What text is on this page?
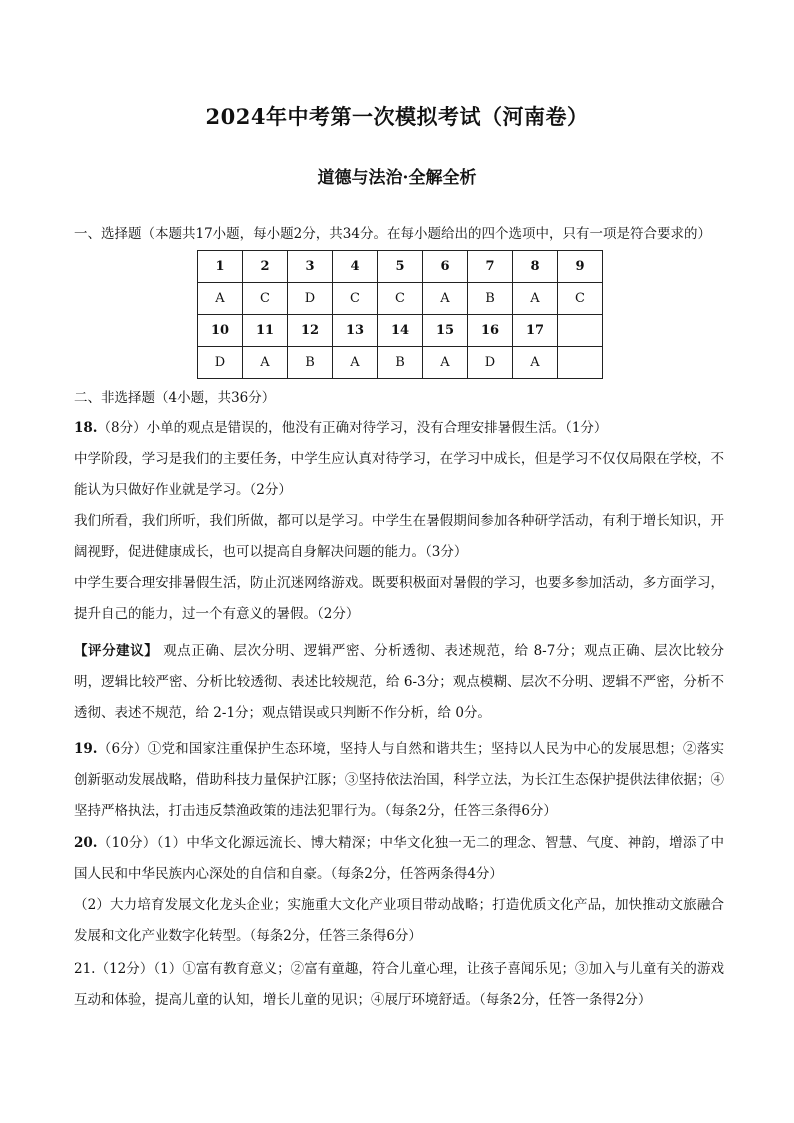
2024年中考第一次模拟考试（河南卷）
道德与法治·全解全析
一、选择题（本题共17小题，每小题2分，共34分。在每小题给出的四个选项中，只有一项是符合要求的）
1	2	3	4	5	6	7	8	9
A	C	D	C	C	A	B	A	C
10	11	12	13	14	15	16	17	
D	A	B	A	B	A	D	A	
二、非选择题（4小题，共36分）
18.（8分）小单的观点是错误的，他没有正确对待学习，没有合理安排暑假生活。（1分）
中学阶段，学习是我们的主要任务，中学生应认真对待学习，在学习中成长，但是学习不仅仅局限在学校，不能认为只做好作业就是学习。（2分）
我们所看，我们所听，我们所做，都可以是学习。中学生在暑假期间参加各种研学活动，有利于增长知识，开阔视野，促进健康成长，也可以提高自身解决问题的能力。（3分）
中学生要合理安排暑假生活，防止沉迷网络游戏。既要积极面对暑假的学习，也要多参加活动，多方面学习，提升自己的能力，过一个有意义的暑假。（2分）
【评分建议】 观点正确、层次分明、逻辑严密、分析透彻、表述规范，给 8-7分；观点正确、层次比较分明，逻辑比较严密、分析比较透彻、表述比较规范，给 6-3分；观点模糊、层次不分明、逻辑不严密，分析不透彻、表述不规范，给 2-1分；观点错误或只判断不作分析，给 0分。
19.（6分）①党和国家注重保护生态环境，坚持人与自然和谐共生；坚持以人民为中心的发展思想；②落实创新驱动发展战略，借助科技力量保护江豚；③坚持依法治国，科学立法，为长江生态保护提供法律依据；④坚持严格执法，打击违反禁渔政策的违法犯罪行为。（每条2分，任答三条得6分）
20.（10分）（1）中华文化源远流长、博大精深；中华文化独一无二的理念、智慧、气度、神韵，增添了中国人民和中华民族内心深处的自信和自豪。（每条2分，任答两条得4分）
（2）大力培育发展文化龙头企业；实施重大文化产业项目带动战略；打造优质文化产品，加快推动文旅融合发展和文化产业数字化转型。（每条2分，任答三条得6分）
21.（12分）（1）①富有教育意义；②富有童趣，符合儿童心理，让孩子喜闻乐见；③加入与儿童有关的游戏互动和体验，提高儿童的认知，增长儿童的见识；④展厅环境舒适。（每条2分，任答一条得2分）
